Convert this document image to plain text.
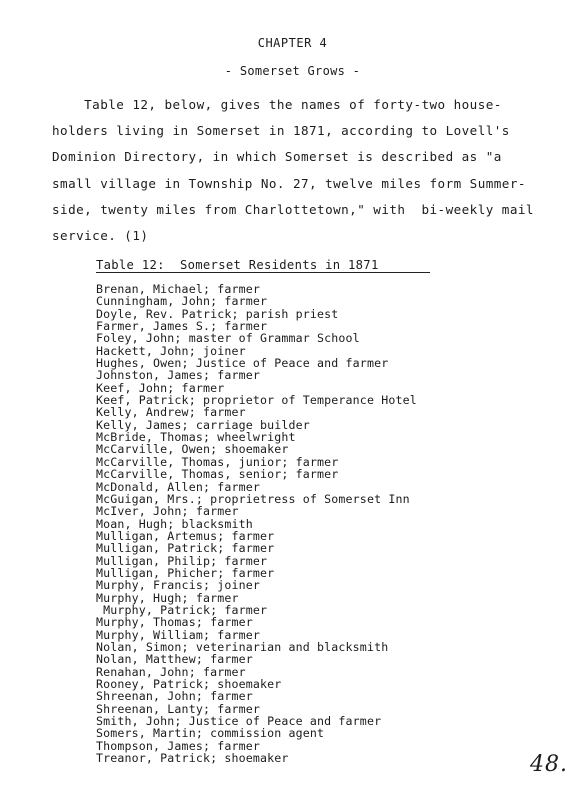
CHAPTER 4
- Somerset Grows -
Table 12, below, gives the names of forty-two house-
holders living in Somerset in 1871, according to Lovell's
Dominion Directory, in which Somerset is described as "a
small village in Township No. 27, twelve miles form Summer-
side, twenty miles from Charlottetown," with  bi-weekly mail
service. (1)
Table 12:  Somerset Residents in 1871
Brenan, Michael; farmer
Cunningham, John; farmer
Doyle, Rev. Patrick; parish priest
Farmer, James S.; farmer
Foley, John; master of Grammar School
Hackett, John; joiner
Hughes, Owen; Justice of Peace and farmer
Johnston, James; farmer
Keef, John; farmer
Keef, Patrick; proprietor of Temperance Hotel
Kelly, Andrew; farmer
Kelly, James; carriage builder
McBride, Thomas; wheelwright
McCarville, Owen; shoemaker
McCarville, Thomas, junior; farmer
McCarville, Thomas, senior; farmer
McDonald, Allen; farmer
McGuigan, Mrs.; proprietress of Somerset Inn
McIver, John; farmer
Moan, Hugh; blacksmith
Mulligan, Artemus; farmer
Mulligan, Patrick; farmer
Mulligan, Philip; farmer
Mulligan, Phicher; farmer
Murphy, Francis; joiner
Murphy, Hugh; farmer
Murphy, Patrick; farmer
Murphy, Thomas; farmer
Murphy, William; farmer
Nolan, Simon; veterinarian and blacksmith
Nolan, Matthew; farmer
Renahan, John; farmer
Rooney, Patrick; shoemaker
Shreenan, John; farmer
Shreenan, Lanty; farmer
Smith, John; Justice of Peace and farmer
Somers, Martin; commission agent
Thompson, James; farmer
Treanor, Patrick; shoemaker	48.
